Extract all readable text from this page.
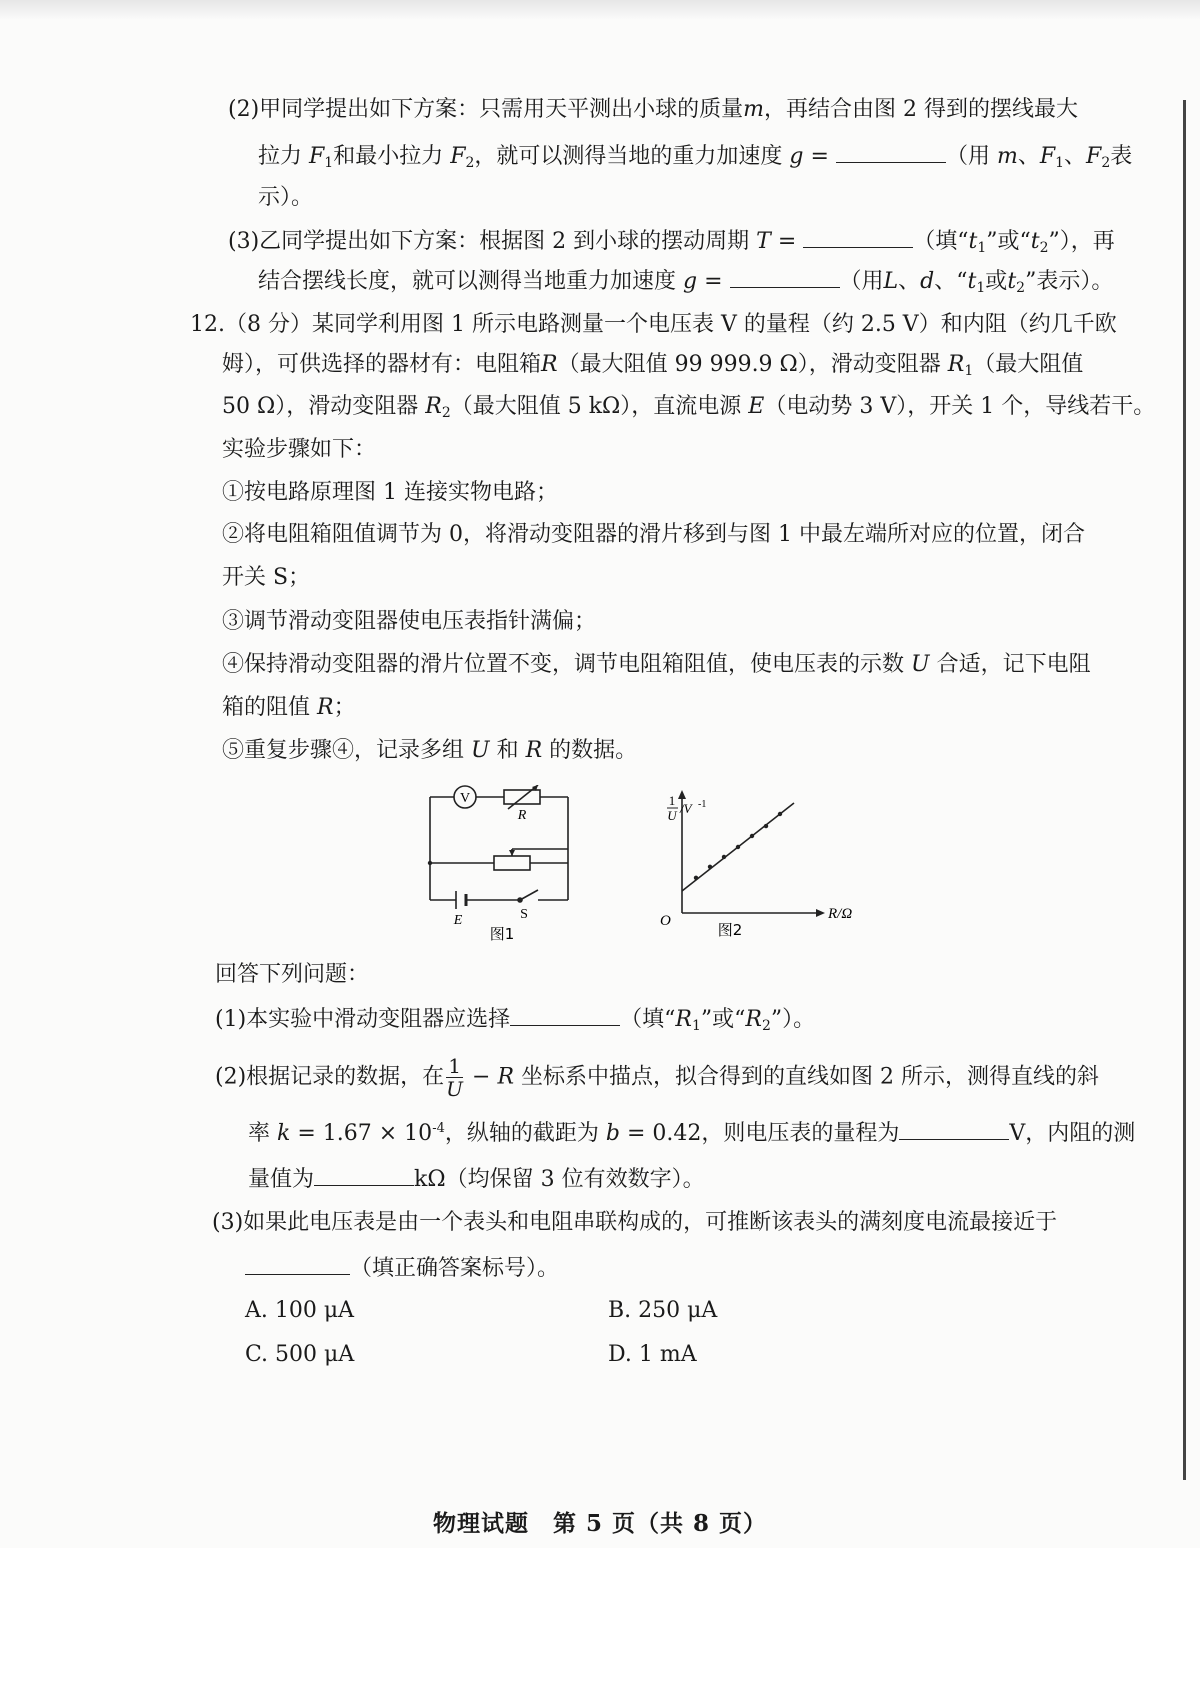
(2)甲同学提出如下方案：只需用天平测出小球的质量m，再结合由图 2 得到的摆线最大
拉力 $F_1$和最小拉力 $F_2$，就可以测得当地的重力加速度 g =	（用 m、$F_1$、$F_2$表
示）。
(3)乙同学提出如下方案：根据图 2 到小球的摆动周期 T =	（填“$t_1$”或“$t_2$”），再
结合摆线长度，就可以测得当地重力加速度 g =	（用L、d、“$t_1$或$t_2$”表示）。
12.（8 分）某同学利用图 1 所示电路测量一个电压表 V 的量程（约 2.5 V）和内阻（约几千欧
姆），可供选择的器材有：电阻箱R（最大阻值 99 999.9 Ω），滑动变阻器 $R_1$（最大阻值
50 Ω），滑动变阻器 $R_2$（最大阻值 5 kΩ），直流电源 E（电动势 3 V），开关 1 个，导线若干。
实验步骤如下：
①按电路原理图 1 连接实物电路；
②将电阻箱阻值调节为 0，将滑动变阻器的滑片移到与图 1 中最左端所对应的位置，闭合
开关 S；
③调节滑动变阻器使电压表指针满偏；
④保持滑动变阻器的滑片位置不变，调节电阻箱阻值，使电压表的示数 U 合适，记下电阻
箱的阻值 R；
⑤重复步骤④，记录多组 U 和 R 的数据。
V
R
E	S
图1
1
U /V -1
R/Ω
O	图2
回答下列问题：
(1)本实验中滑动变阻器应选择	（填“$R_1$”或“$R_2$”）。
(2)根据记录的数据，在 $\frac{1}{U} - R$ 坐标系中描点，拟合得到的直线如图 2 所示，测得直线的斜
率 $k = 1.67 \times 10^{-4}$，纵轴的截距为 b = 0.42，则电压表的量程为	V，内阻的测
量值为	kΩ（均保留 3 位有效数字）。
(3)如果此电压表是由一个表头和电阻串联构成的，可推断该表头的满刻度电流最接近于
（填正确答案标号）。
A. 100 μA	B. 250 μA
C. 500 μA	D. 1 mA
物理试题　第 5 页（共 8 页）
